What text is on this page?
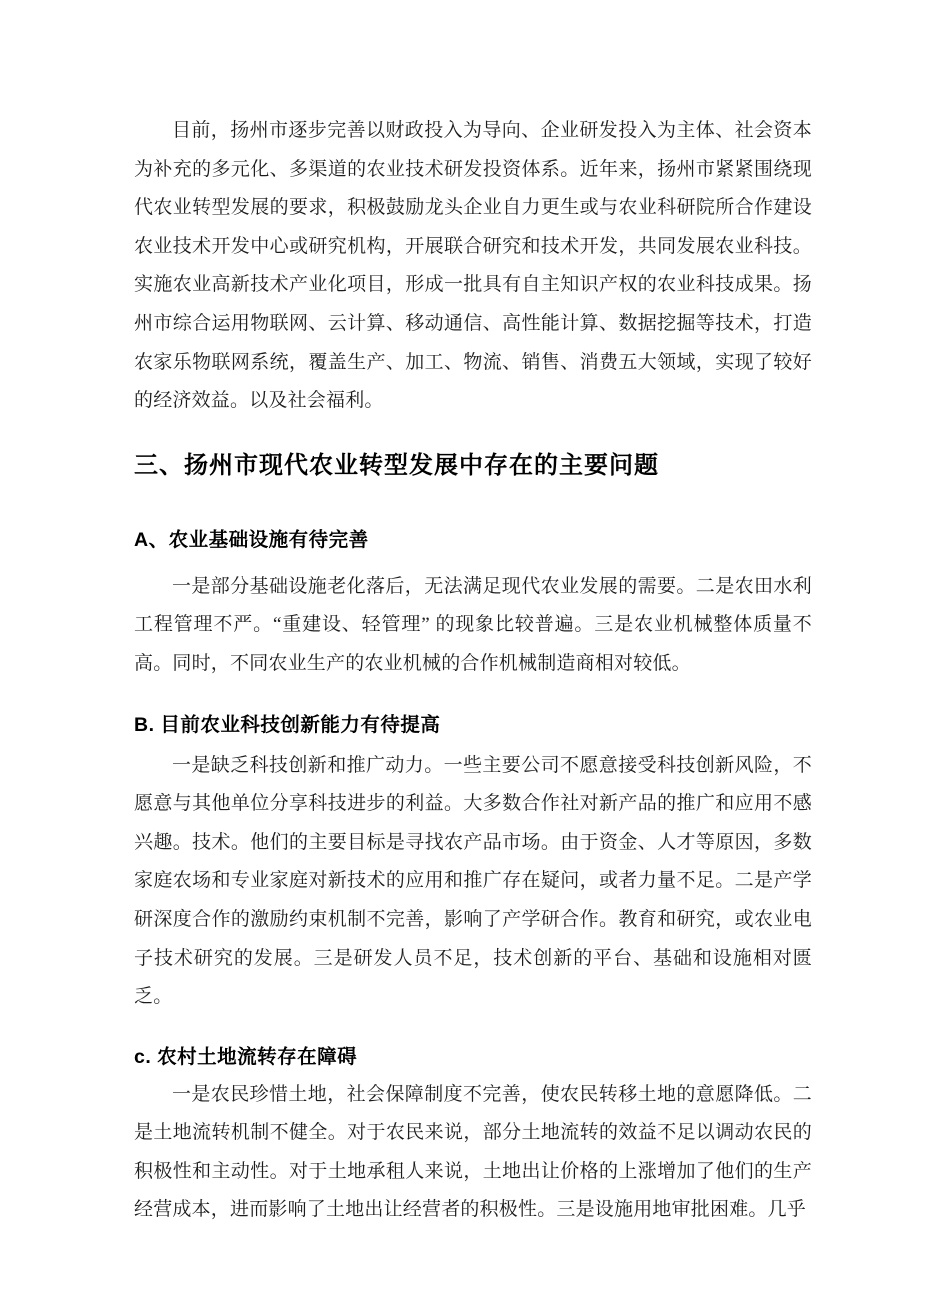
目前，扬州市逐步完善以财政投入为导向、企业研发投入为主体、社会资本为补充的多元化、多渠道的农业技术研发投资体系。近年来，扬州市紧紧围绕现代农业转型发展的要求，积极鼓励龙头企业自力更生或与农业科研院所合作建设农业技术开发中心或研究机构，开展联合研究和技术开发，共同发展农业科技。实施农业高新技术产业化项目，形成一批具有自主知识产权的农业科技成果。扬州市综合运用物联网、云计算、移动通信、高性能计算、数据挖掘等技术，打造农家乐物联网系统，覆盖生产、加工、物流、销售、消费五大领域，实现了较好的经济效益。以及社会福利。

三、扬州市现代农业转型发展中存在的主要问题
A、农业基础设施有待完善

一是部分基础设施老化落后，无法满足现代农业发展的需要。二是农田水利工程管理不严。“重建设、轻管理” 的现象比较普遍。三是农业机械整体质量不高。同时，不同农业生产的农业机械的合作机械制造商相对较低。

B. 目前农业科技创新能力有待提高

一是缺乏科技创新和推广动力。一些主要公司不愿意接受科技创新风险，不愿意与其他单位分享科技进步的利益。大多数合作社对新产品的推广和应用不感兴趣。技术。他们的主要目标是寻找农产品市场。由于资金、人才等原因，多数家庭农场和专业家庭对新技术的应用和推广存在疑问，或者力量不足。二是产学研深度合作的激励约束机制不完善，影响了产学研合作。教育和研究，或农业电子技术研究的发展。三是研发人员不足，技术创新的平台、基础和设施相对匮乏。

c. 农村土地流转存在障碍

一是农民珍惜土地，社会保障制度不完善，使农民转移土地的意愿降低。二是土地流转机制不健全。对于农民来说，部分土地流转的效益不足以调动农民的积极性和主动性。对于土地承租人来说，土地出让价格的上涨增加了他们的生产经营成本，进而影响了土地出让经营者的积极性。三是设施用地审批困难。几乎
